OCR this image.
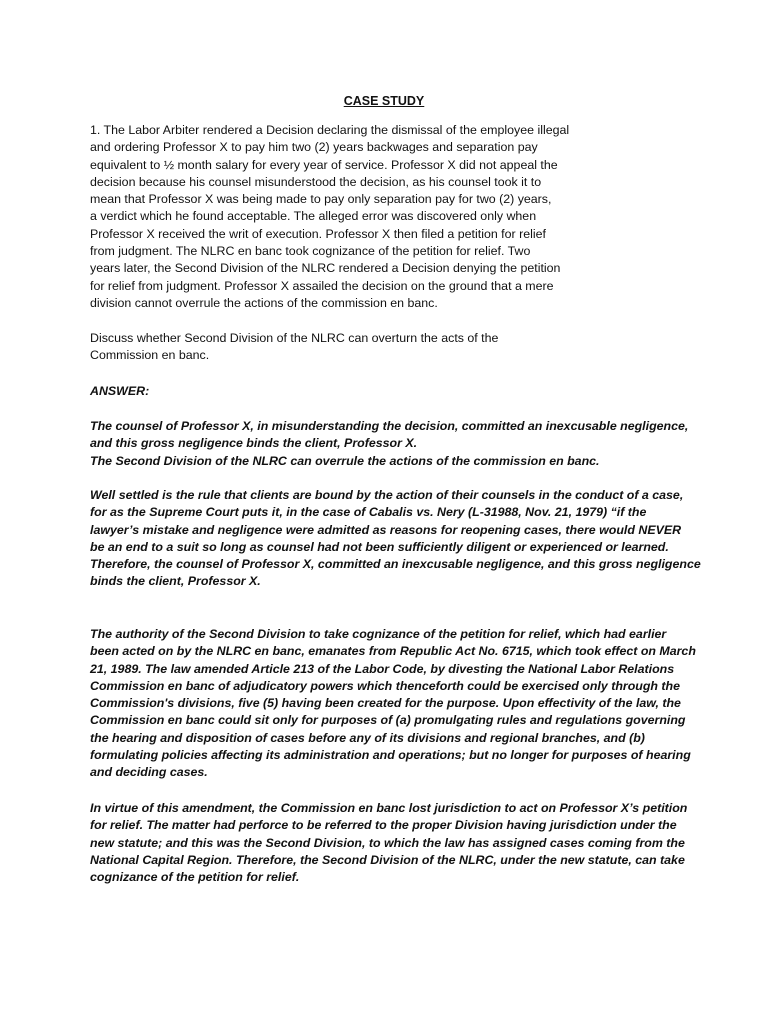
CASE STUDY
1. The Labor Arbiter rendered a Decision declaring the dismissal of the employee illegal
and ordering Professor X to pay him two (2) years backwages and separation pay
equivalent to ½ month salary for every year of service. Professor X did not appeal the
decision because his counsel misunderstood the decision, as his counsel took it to
mean that Professor X was being made to pay only separation pay for two (2) years,
a verdict which he found acceptable. The alleged error was discovered only when
Professor X received the writ of execution. Professor X then filed a petition for relief
from judgment. The NLRC en banc took cognizance of the petition for relief. Two
years later, the Second Division of the NLRC rendered a Decision denying the petition
for relief from judgment. Professor X assailed the decision on the ground that a mere
division cannot overrule the actions of the commission en banc.
Discuss whether Second Division of the NLRC can overturn the acts of the
Commission en banc.
ANSWER:
The counsel of Professor X, in misunderstanding the decision, committed an inexcusable negligence,
and this gross negligence binds the client, Professor X.
The Second Division of the NLRC can overrule the actions of the commission en banc.
Well settled is the rule that clients are bound by the action of their counsels in the conduct of a case,
for as the Supreme Court puts it, in the case of Cabalis vs. Nery (L-31988, Nov. 21, 1979) “if the
lawyer’s mistake and negligence were admitted as reasons for reopening cases, there would NEVER
be an end to a suit so long as counsel had not been sufficiently diligent or experienced or learned.
Therefore, the counsel of Professor X, committed an inexcusable negligence, and this gross negligence
binds the client, Professor X.
The authority of the Second Division to take cognizance of the petition for relief, which had earlier
been acted on by the NLRC en banc, emanates from Republic Act No. 6715, which took effect on March
21, 1989. The law amended Article 213 of the Labor Code, by divesting the National Labor Relations
Commission en banc of adjudicatory powers which thenceforth could be exercised only through the
Commission's divisions, five (5) having been created for the purpose. Upon effectivity of the law, the
Commission en banc could sit only for purposes of (a) promulgating rules and regulations governing
the hearing and disposition of cases before any of its divisions and regional branches, and (b)
formulating policies affecting its administration and operations; but no longer for purposes of hearing
and deciding cases.
In virtue of this amendment, the Commission en banc lost jurisdiction to act on Professor X’s petition
for relief. The matter had perforce to be referred to the proper Division having jurisdiction under the
new statute; and this was the Second Division, to which the law has assigned cases coming from the
National Capital Region. Therefore, the Second Division of the NLRC, under the new statute, can take
cognizance of the petition for relief.
